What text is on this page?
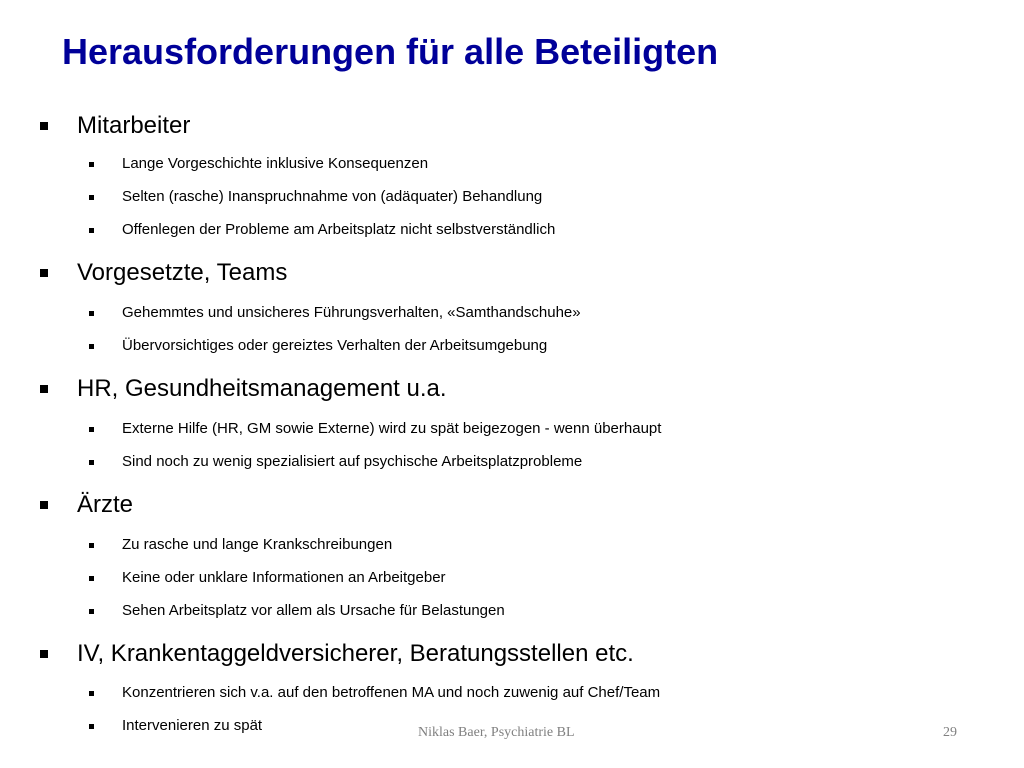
Herausforderungen für alle Beteiligten
Mitarbeiter
Lange Vorgeschichte inklusive Konsequenzen
Selten (rasche) Inanspruchnahme von (adäquater) Behandlung
Offenlegen der Probleme am Arbeitsplatz nicht selbstverständlich
Vorgesetzte, Teams
Gehemmtes und unsicheres Führungsverhalten, «Samthandschuhe»
Übervorsichtiges oder gereiztes Verhalten der Arbeitsumgebung
HR, Gesundheitsmanagement u.a.
Externe Hilfe (HR, GM sowie Externe) wird zu spät beigezogen - wenn überhaupt
Sind noch zu wenig spezialisiert auf psychische Arbeitsplatzprobleme
Ärzte
Zu rasche und lange Krankschreibungen
Keine oder unklare Informationen an Arbeitgeber
Sehen Arbeitsplatz vor allem als Ursache für Belastungen
IV, Krankentaggeldversicherer, Beratungsstellen etc.
Konzentrieren sich v.a. auf den betroffenen MA und noch zuwenig auf Chef/Team
Intervenieren zu spät	Niklas Baer, Psychiatrie BL	29
